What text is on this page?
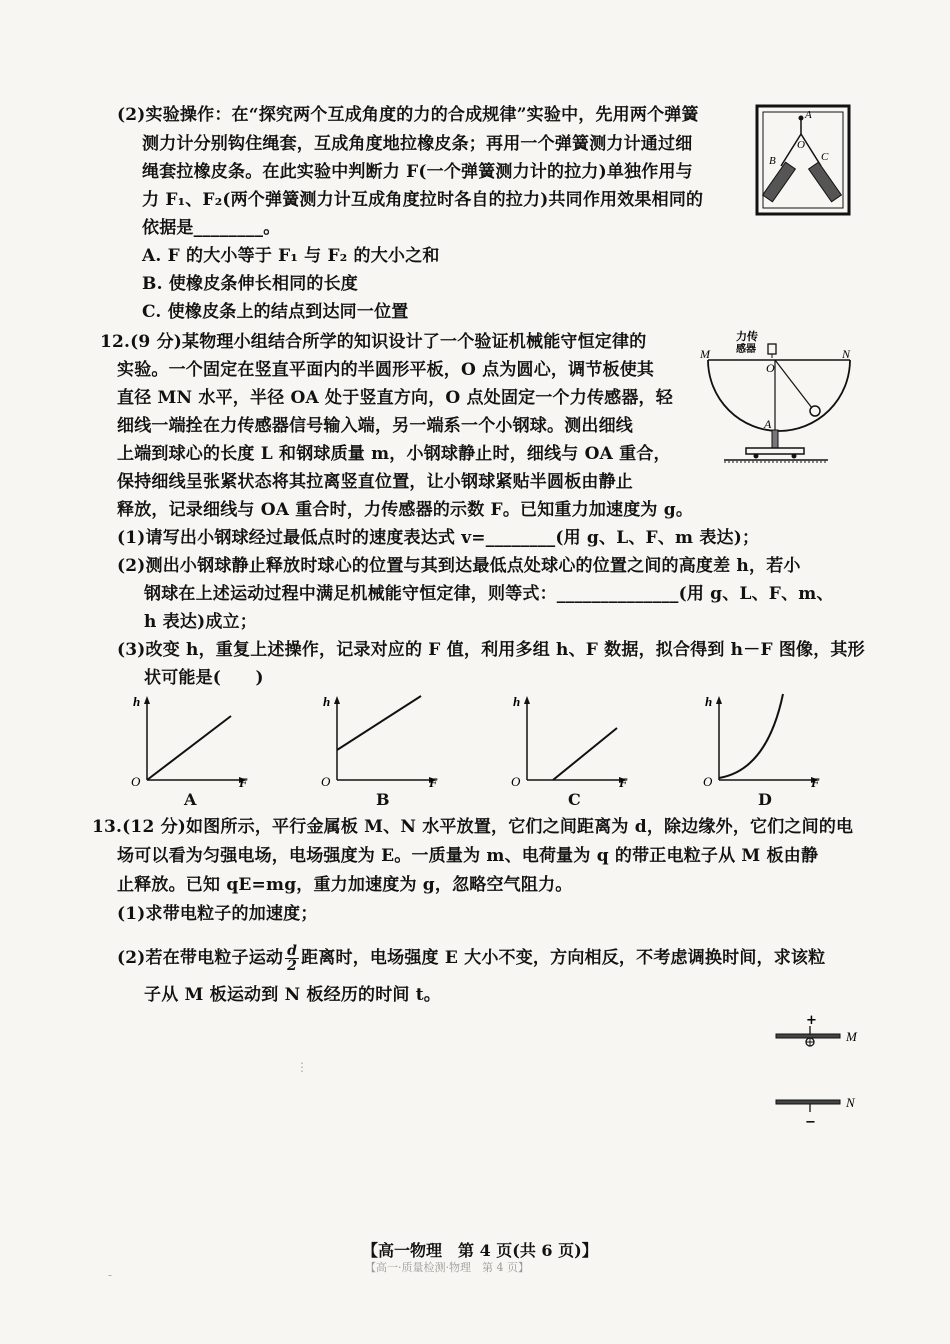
(2)实验操作：在“探究两个互成角度的力的合成规律”实验中，先用两个弹簧
测力计分别钩住绳套，互成角度地拉橡皮条；再用一个弹簧测力计通过细
绳套拉橡皮条。在此实验中判断力 F(一个弹簧测力计的拉力)单独作用与
力 F₁、F₂(两个弹簧测力计互成角度拉时各自的拉力)共同作用效果相同的
依据是________。
A. F 的大小等于 F₁ 与 F₂ 的大小之和
B. 使橡皮条伸长相同的长度
C. 使橡皮条上的结点到达同一位置
A
B	C
O
12.(9 分)某物理小组结合所学的知识设计了一个验证机械能守恒定律的
实验。一个固定在竖直平面内的半圆形平板，O 点为圆心，调节板使其
直径 MN 水平，半径 OA 处于竖直方向，O 点处固定一个力传感器，轻
细线一端拴在力传感器信号输入端，另一端系一个小钢球。测出细线
上端到球心的长度 L 和钢球质量 m，小钢球静止时，细线与 OA 重合，
保持细线呈张紧状态将其拉离竖直位置，让小钢球紧贴半圆板由静止
释放，记录细线与 OA 重合时，力传感器的示数 F。已知重力加速度为 g。
(1)请写出小钢球经过最低点时的速度表达式 v=________(用 g、L、F、m 表达)；
(2)测出小钢球静止释放时球心的位置与其到达最低点处球心的位置之间的高度差 h，若小
钢球在上述运动过程中满足机械能守恒定律，则等式：______________(用 g、L、F、m、
h 表达)成立；
(3)改变 h，重复上述操作，记录对应的 F 值，利用多组 h、F 数据，拟合得到 h－F 图像，其形
状可能是(　　)
力传
感器
M	N
O
A
h
F
O
A
h
F
O
B
h
F
O
C
h
F
O
D
13.(12 分)如图所示，平行金属板 M、N 水平放置，它们之间距离为 d，除边缘外，它们之间的电
场可以看为匀强电场，电场强度为 E。一质量为 m、电荷量为 q 的带正电粒子从 M 板由静
止释放。已知 qE=mg，重力加速度为 g，忽略空气阻力。
(1)求带电粒子的加速度；
(2)若在带电粒子运动 $\frac{d}{2}$ 距离时，电场强度 E 大小不变，方向相反，不考虑调换时间，求该粒
子从 M 板运动到 N 板经历的时间 t。
+
M
−
N
⋮
-
【高一物理　第 4 页(共 6 页)】
【高一·质量检测·物理　第 4 页】
